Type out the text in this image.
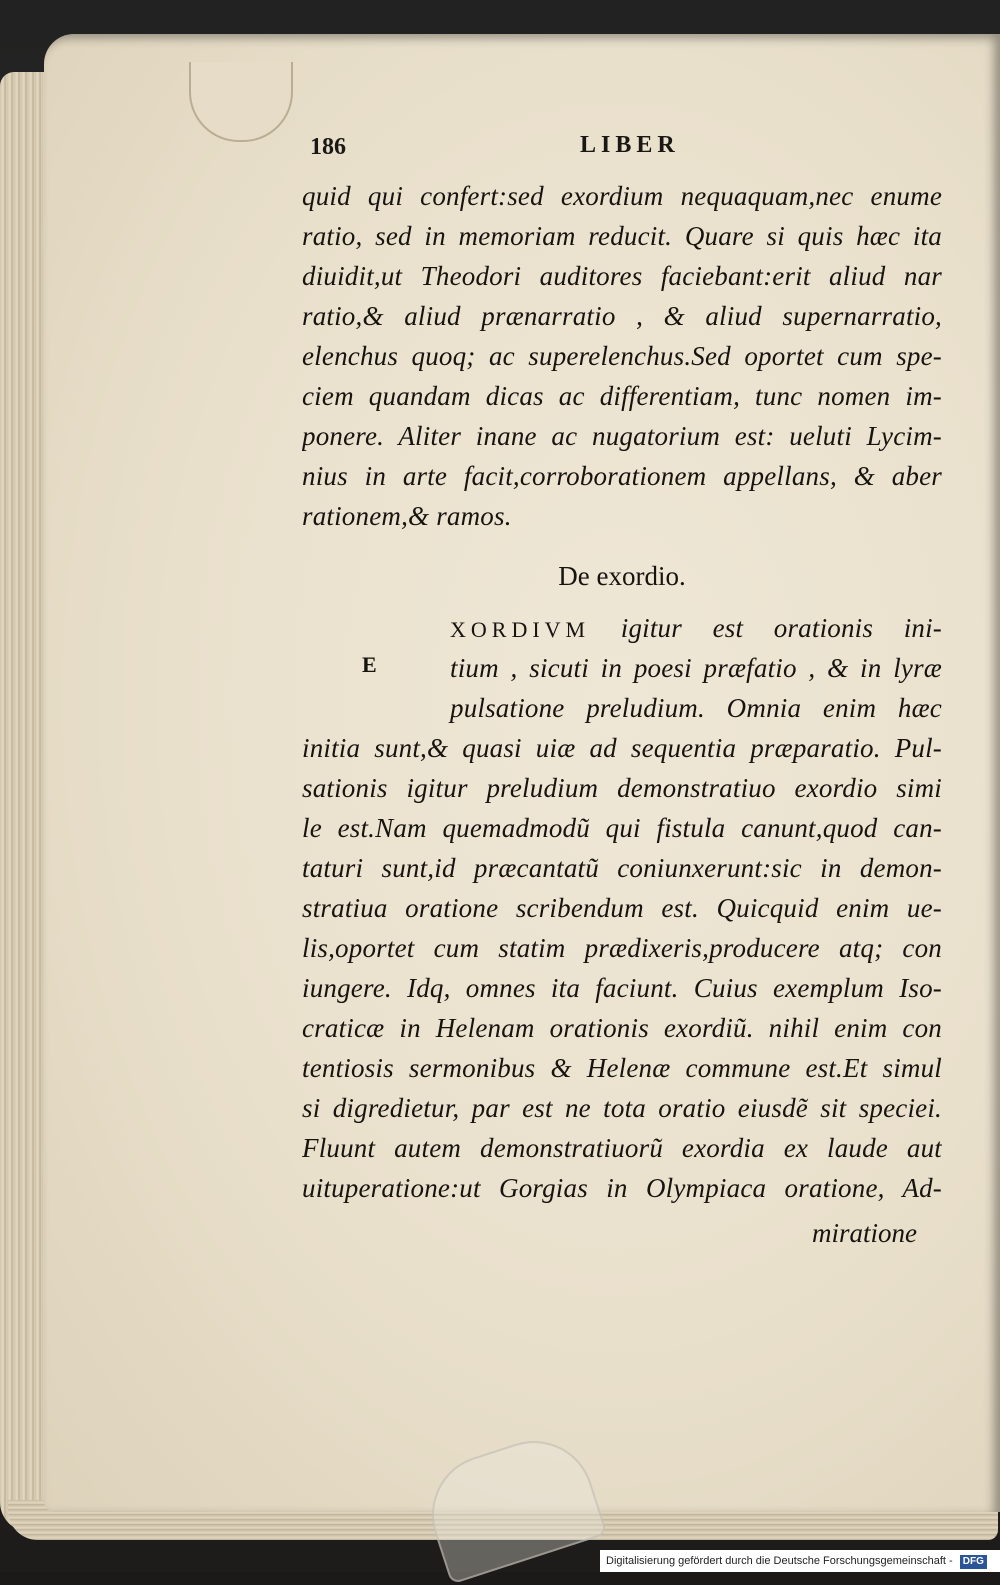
186	LIBER
quid qui confert:sed exordium nequaquam,nec enume
ratio, sed in memoriam reducit. Quare si quis hæc ita
diuidit,ut Theodori auditores faciebant:erit aliud nar
ratio,& aliud prænarratio , & aliud supernarratio,
elenchus quoq; ac superelenchus.Sed oportet cum spe-
ciem quandam dicas ac differentiam, tunc nomen im-
ponere. Aliter inane ac nugatorium est: ueluti Lycim-
nius in arte facit,corroborationem appellans, & aber
rationem,& ramos.
De exordio.
E
XORDIVM igitur est orationis ini-
tium , sicuti in poesi præfatio , & in lyræ
pulsatione preludium. Omnia enim hæc
initia sunt,& quasi uiæ ad sequentia præparatio. Pul-
sationis igitur preludium demonstratiuo exordio simi
le est.Nam quemadmodũ qui fistula canunt,quod can-
taturi sunt,id præcantatũ coniunxerunt:sic in demon-
stratiua oratione scribendum est. Quicquid enim ue-
lis,oportet cum statim prædixeris,producere atq; con
iungere. Idq, omnes ita faciunt. Cuius exemplum Iso-
craticæ in Helenam orationis exordiũ. nihil enim con
tentiosis sermonibus & Helenæ commune est.Et simul
si digredietur, par est ne tota oratio eiusdẽ sit speciei.
Fluunt autem demonstratiuorũ exordia ex laude aut
uituperatione:ut Gorgias in Olympiaca oratione, Ad-
miratione
Digitalisierung gefördert durch die Deutsche Forschungsgemeinschaft - DFG
